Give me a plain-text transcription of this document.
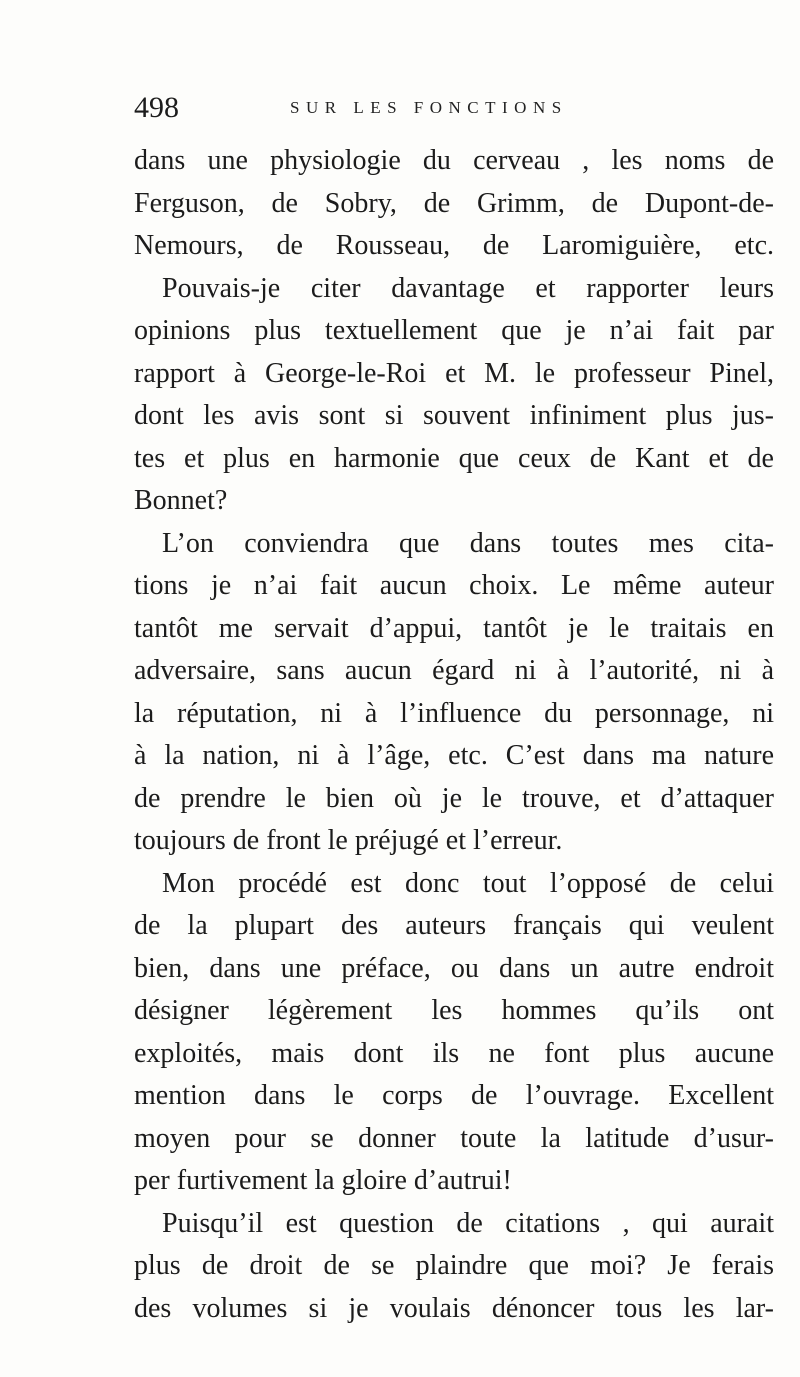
498	SUR LES FONCTIONS
dans une physiologie du cerveau , les noms de
Ferguson, de Sobry, de Grimm, de Dupont-de-
Nemours, de Rousseau, de Laromiguière, etc.
Pouvais-je citer davantage et rapporter leurs
opinions plus textuellement que je n’ai fait par
rapport à George-le-Roi et M. le professeur Pinel,
dont les avis sont si souvent infiniment plus jus-
tes et plus en harmonie que ceux de Kant et de
Bonnet?
L’on conviendra que dans toutes mes cita-
tions je n’ai fait aucun choix. Le même auteur
tantôt me servait d’appui, tantôt je le traitais en
adversaire, sans aucun égard ni à l’autorité, ni à
la réputation, ni à l’influence du personnage, ni
à la nation, ni à l’âge, etc. C’est dans ma nature
de prendre le bien où je le trouve, et d’attaquer
toujours de front le préjugé et l’erreur.
Mon procédé est donc tout l’opposé de celui
de la plupart des auteurs français qui veulent
bien, dans une préface, ou dans un autre endroit
désigner légèrement les hommes qu’ils ont
exploités, mais dont ils ne font plus aucune
mention dans le corps de l’ouvrage. Excellent
moyen pour se donner toute la latitude d’usur-
per furtivement la gloire d’autrui!
Puisqu’il est question de citations , qui aurait
plus de droit de se plaindre que moi? Je ferais
des volumes si je voulais dénoncer tous les lar-
